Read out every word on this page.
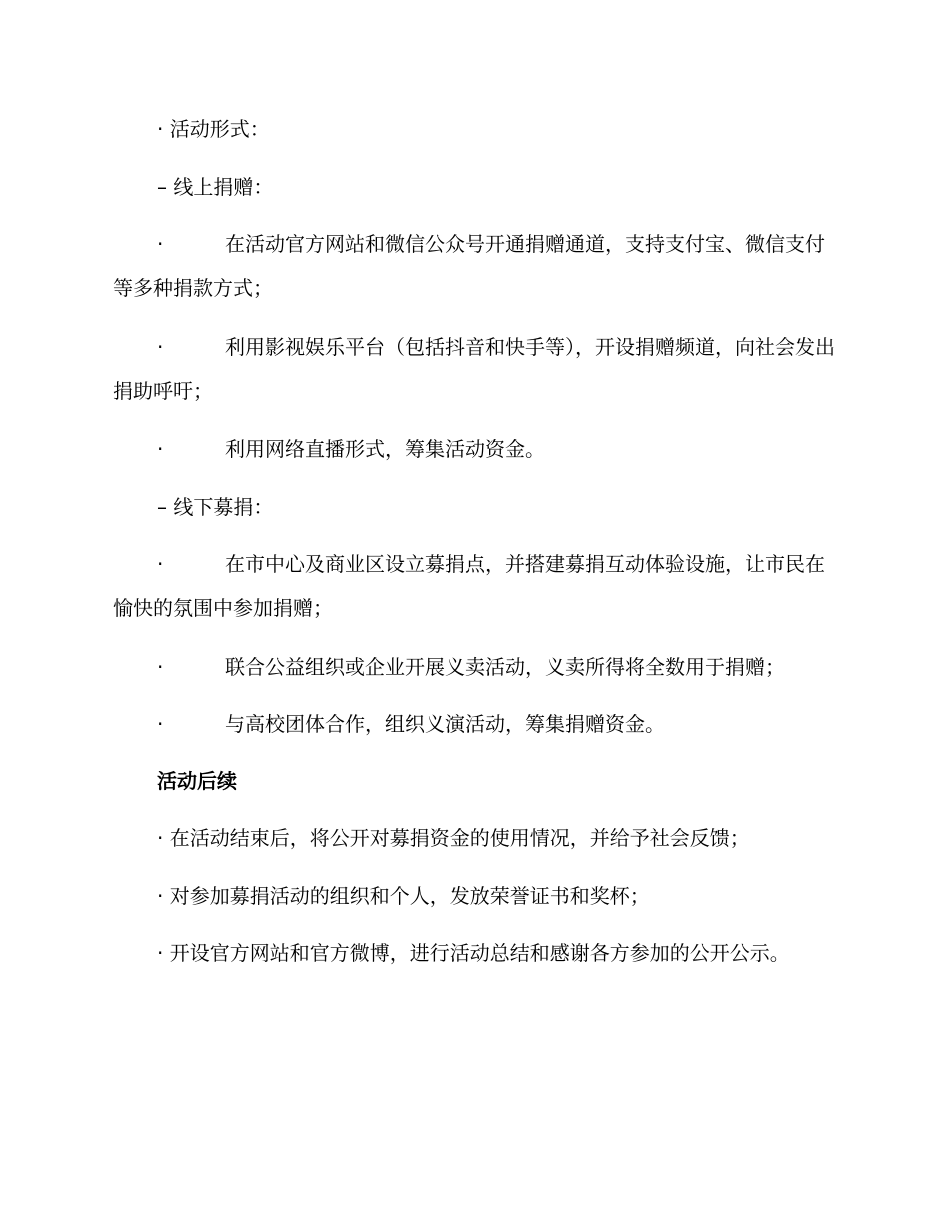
· 活动形式：
– 线上捐赠：
·	在活动官方网站和微信公众号开通捐赠通道，支持支付宝、微信支付等多种捐款方式；
·	利用影视娱乐平台（包括抖音和快手等），开设捐赠频道，向社会发出捐助呼吁；
·	利用网络直播形式，筹集活动资金。
– 线下募捐：
·	在市中心及商业区设立募捐点，并搭建募捐互动体验设施，让市民在愉快的氛围中参加捐赠；
·	联合公益组织或企业开展义卖活动，义卖所得将全数用于捐赠；
·	与高校团体合作，组织义演活动，筹集捐赠资金。
活动后续
· 在活动结束后，将公开对募捐资金的使用情况，并给予社会反馈；
· 对参加募捐活动的组织和个人，发放荣誉证书和奖杯；
· 开设官方网站和官方微博，进行活动总结和感谢各方参加的公开公示。
